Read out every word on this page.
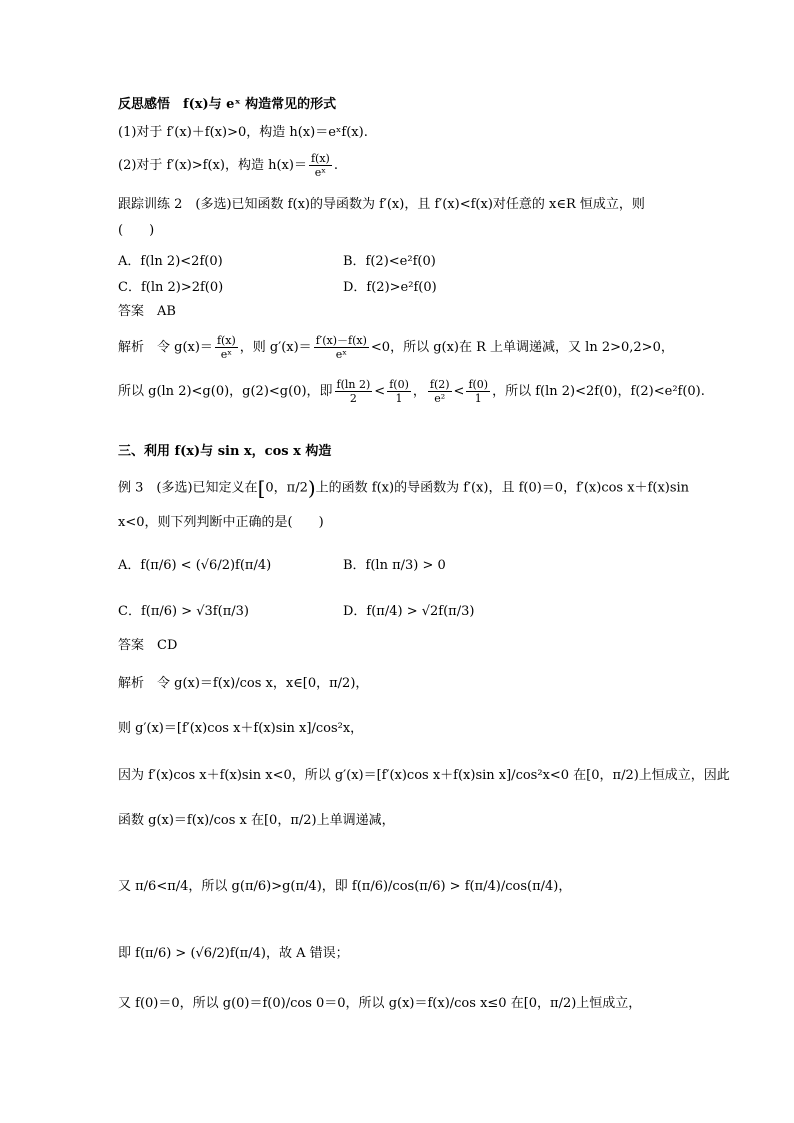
反思感悟　f(x)与 eˣ 构造常见的形式
(1)对于 f′(x)＋f(x)>0，构造 h(x)＝eˣf(x).
(2)对于 f′(x)>f(x)，构造 $h(x)= \frac{f(x)}{\text{eˣ}}$ .
跟踪训练 2　(多选)已知函数 f(x)的导函数为 f′(x)，且 f′(x)<f(x)对任意的 x∈R 恒成立，则
(　　)
A．f(ln 2)<2f(0)	B．f(2)<e²f(0)
C．f(ln 2)>2f(0)	D．f(2)>e²f(0)
答案　AB
解析　令 $g(x)= \frac{f(x)}{\text{eˣ}}$ ，则 $g'(x)= \frac{f'(x)-f(x)}{\text{eˣ}} <0$，所以 g(x)在 R 上单调递减，又 ln 2>0,2>0，
所以 g(ln 2)<g(0)，g(2)<g(0)，即 $\frac{f(\ln 2)}{2} < \frac{f(0)}{1}$ ， $\frac{f(2)}{\text{e²}} < \frac{f(0)}{1}$ ，所以 f(ln 2)<2f(0)，f(2)<e²f(0).
三、利用 f(x)与 sin x，cos x 构造
例 3　(多选)已知定义在[0，π/2)上的函数 f(x)的导函数为 f′(x)，且 f(0)＝0，f′(x)cos x＋f(x)sin
x<0，则下列判断中正确的是(　　)
A．f(π/6) < (√6/2)f(π/4)	B．f(ln π/3) > 0
C．f(π/6) > √3f(π/3)	D．f(π/4) > √2f(π/3)
答案　CD
解析　令 g(x)＝f(x)/cos x，x∈[0，π/2)，
则 g′(x)＝[f′(x)cos x＋f(x)sin x]/cos²x，
因为 f′(x)cos x＋f(x)sin x<0，所以 g′(x)＝[f′(x)cos x＋f(x)sin x]/cos²x<0 在[0，π/2)上恒成立，因此
函数 g(x)＝f(x)/cos x 在[0，π/2)上单调递减，
又 π/6<π/4，所以 g(π/6)>g(π/4)，即 f(π/6)/cos(π/6) > f(π/4)/cos(π/4)，
即 f(π/6) > (√6/2)f(π/4)，故 A 错误；
又 f(0)＝0，所以 g(0)＝f(0)/cos 0＝0，所以 g(x)＝f(x)/cos x≤0 在[0，π/2)上恒成立，
